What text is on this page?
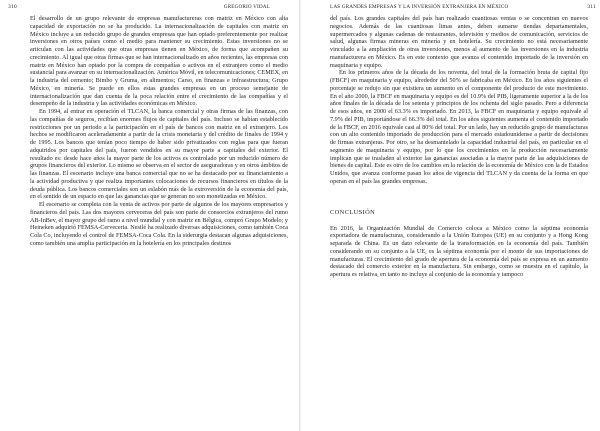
310	GREGORIO VIDAL

El desarrollo de un grupo relevante de empresas manufactureras con matriz en México con alta capacidad de exportación no se ha producido. La internacionalización de capitales con matriz en México incluye a un reducido grupo de grandes empresas que han optado preferentemente por realizar inversiones en otros países como el medio para mantener su crecimiento. Estas inversiones no se articulan con las actividades que otras empresas tienen en México, de forma que acompañen su crecimiento. Al igual que otras firmas que se han internacionalizado en años recientes, las empresas con matriz en México han optado por la compra de compañías o activos en el extranjero como el medio sustancial para avanzar en su internacionalización. América Móvil, en telecomunicaciones; CEMEX, en la industria del cemento; Bimbo y Gruma, en alimentos; Carso, en finanzas e infraestructura; Grupo México, en minería. Se puede en ellos estas grandes empresas en un proceso semejante de internacionalización que dan cuenta de la poca relación entre el crecimiento de las compañías y el desempeño de la industria y las actividades económicas en México.

En 1994, al entrar en operación el TLCAN, la banca comercial y otras firmas de las finanzas, con las compañías de seguros, recibían enormes flujos de capitales del país. Incluso se habían establecido restricciones por un periodo a la participación en el país de bancos con matriz en el extranjero. Los hechos se modificaron aceleradamente a partir de la crisis monetaria y del crédito de finales de 1994 y de 1995. Los bancos que tenían poco tiempo de haber sido privatizados con reglas para que fueran adquiridos por capitales del país, fueron vendidos en su mayor parte a capitales del exterior. El resultado es: desde hace años la mayor parte de los activos es controlado por un reducido número de grupos financieros del exterior. Lo mismo se observa en el sector de aseguradoras y en otros ámbitos de las finanzas. El escenario incluye una banca comercial que no se ha destacado por su financiamiento a la actividad productiva y que realiza importantes colocaciones de recursos financieros en títulos de la deuda pública. Los bancos comerciales son un eslabón más de la extroversión de la economía del país, en el sentido de un espacio en que las ganancias que se generan no son monetizadas en México.

El escenario se completa con la venta de activos por parte de algunos de los mayores empresarios y financieros del país. Las dos mayores cerveceras del país son parte de consorcios extranjeros del rumo AB-InBev, el mayor grupo del ramo a nivel mundial y con matriz en Bélgica, compró Grupo Modelo; y Heineken adquirió FEMSA-Cerveceria. Nestlé ha realizado diversas adquisiciones, como también Coca Cola Co, incluyendo el control de FEMSA-Coca Cola. En la siderurgia destacan algunas adquisiciones, como también una amplia participación en la hotelería en los principales destinos

LAS GRANDES EMPRESAS Y LA INVERSIÓN EXTRANJERA EN MÉXICO	311

del país. Los grandes capitales del país han realizado cuantiosas ventas o se concentran en nuevos negocios. Además de las cuantiosas limas antes, deben sumarse tiendas departamentales, supermercados y algunas cadenas de restaurantes, televisión y medios de comunicación, servicios de salud, algunas firmas mineras en minería y en hotelería. Su crecimiento no está necesariamente vinculado a la ampliación de otras inversiones, menos al aumento de las inversiones en la industria manufacturera en México. Es en este contexto que avanza el contenido importado de la inversión en maquinaria y equipo.

En los primeros años de la década de los noventa, del total de la formación bruta de capital fijo (FBCF) en maquinaria y equipo, alrededor del 50% se fabricaba en México. En los años siguientes el porcentaje se redujo sin que existiera un aumento en el componente del producto de este movimiento. En el año 2000, la FBCF en maquinaria y equipo es del 10.9% del PIB, ligeramente superior a la de los años finales de la década de los setenta y principios de los ochenta del siglo pasado. Pero a diferencia de esos años, en 2000 el 63.3% es importado. En 2013, la FBCF en maquinaria y equipo equivale al 7.9% del PIB, importándose el 66.3% del total. En los años siguientes aumenta el contenido importado de la FBCF, en 2016 equivale casi al 80% del total. Por un lado, hay un reducido grupo de manufacturas con un alto contenido importado de producción para el mercado estadounidense a partir de decisiones de firmas extranjeras. Por otro, se ha desmantelado la capacidad industrial del país, en particular en el segmento de maquinaria y equipo, por lo que los crecimientos en la producción necesariamente implican que se trasladen al exterior las ganancias asociadas a la mayor parte de las adquisiciones de bienes de capital. Este es otro de los cambios en la relación de la economía de México con la de Estados Unidos, que avanza conforme pasan los años de vigencia del TLCAN y da cuenta de la forma en que operan en el país las grandes empresas.

CONCLUSIÓN

En 2016, la Organización Mundial de Comercio coloca a México como la séptima economía exportadora de manufacturas, considerando a la Unión Europea (UE) en su conjunto y a Hong Kong separada de China. Es un dato relevante de la transformación en la economía del país. También considerando en su conjunto a la UE, es la séptima economía por el monto de sus importaciones de manufacturas. El crecimiento del grado de apertura de la economía del país se expresa en un aumento destacado del comercio exterior en la manufactura. Sin embargo, como se muestra en el capítulo, la apertura es relativa, en tanto no incluye al conjunto de la economía y tampoco
